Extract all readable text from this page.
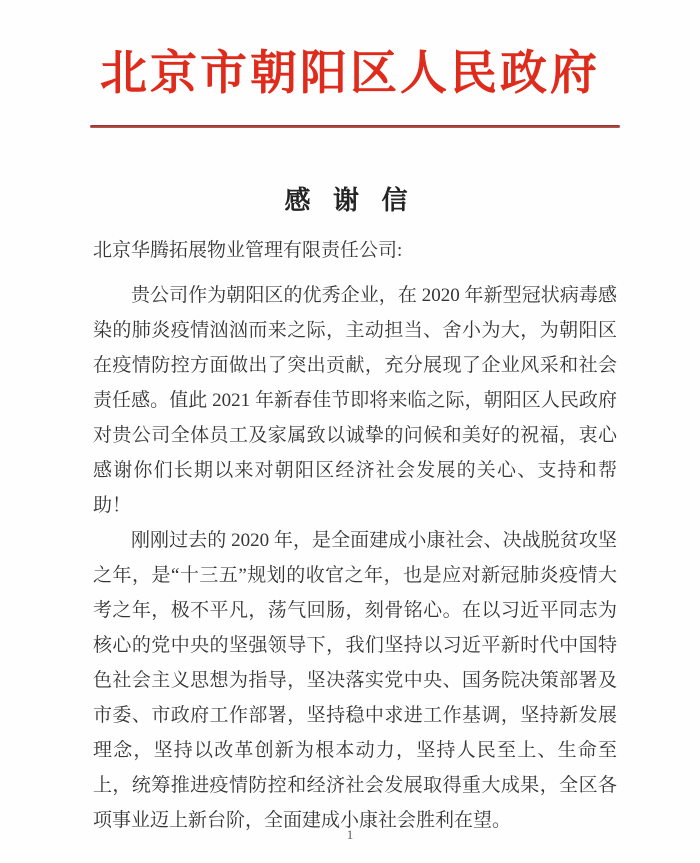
北京市朝阳区人民政府
感 谢 信

北京华腾拓展物业管理有限责任公司:

贵公司作为朝阳区的优秀企业，在 2020 年新型冠状病毒感染的肺炎疫情汹汹而来之际，主动担当、舍小为大，为朝阳区在疫情防控方面做出了突出贡献，充分展现了企业风采和社会责任感。值此 2021 年新春佳节即将来临之际，朝阳区人民政府对贵公司全体员工及家属致以诚挚的问候和美好的祝福，衷心感谢你们长期以来对朝阳区经济社会发展的关心、支持和帮助！

刚刚过去的 2020 年，是全面建成小康社会、决战脱贫攻坚之年，是“十三五”规划的收官之年，也是应对新冠肺炎疫情大考之年，极不平凡，荡气回肠，刻骨铭心。在以习近平同志为核心的党中央的坚强领导下，我们坚持以习近平新时代中国特色社会主义思想为指导，坚决落实党中央、国务院决策部署及市委、市政府工作部署，坚持稳中求进工作基调，坚持新发展理念，坚持以改革创新为根本动力，坚持人民至上、生命至上，统筹推进疫情防控和经济社会发展取得重大成果，全区各项事业迈上新台阶，全面建成小康社会胜利在望。

1
